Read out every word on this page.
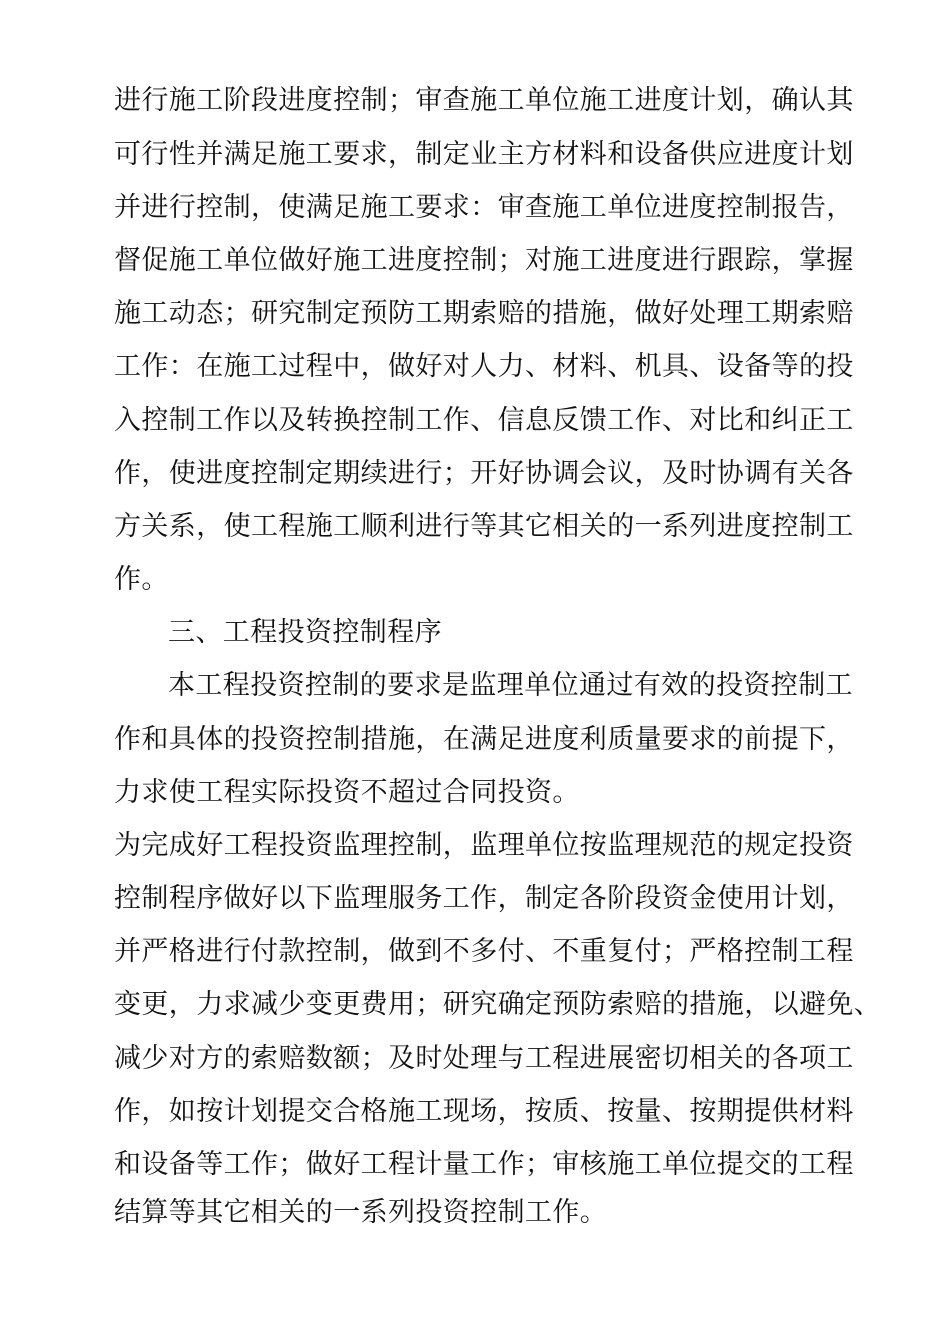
进行施工阶段进度控制；审查施工单位施工进度计划，确认其
可行性并满足施工要求，制定业主方材料和设备供应进度计划
并进行控制，使满足施工要求：审查施工单位进度控制报告，
督促施工单位做好施工进度控制；对施工进度进行跟踪，掌握
施工动态；研究制定预防工期索赔的措施，做好处理工期索赔
工作：在施工过程中，做好对人力、材料、机具、设备等的投
入控制工作以及转换控制工作、信息反馈工作、对比和纠正工
作，使进度控制定期续进行；开好协调会议，及时协调有关各
方关系，使工程施工顺利进行等其它相关的一系列进度控制工
作。
三、工程投资控制程序
本工程投资控制的要求是监理单位通过有效的投资控制工
作和具体的投资控制措施，在满足进度利质量要求的前提下，
力求使工程实际投资不超过合同投资。
为完成好工程投资监理控制，监理单位按监理规范的规定投资
控制程序做好以下监理服务工作，制定各阶段资金使用计划，
并严格进行付款控制，做到不多付、不重复付；严格控制工程
变更，力求减少变更费用；研究确定预防索赔的措施，以避免、
减少对方的索赔数额；及时处理与工程进展密切相关的各项工
作，如按计划提交合格施工现场，按质、按量、按期提供材料
和设备等工作；做好工程计量工作；审核施工单位提交的工程
结算等其它相关的一系列投资控制工作。
